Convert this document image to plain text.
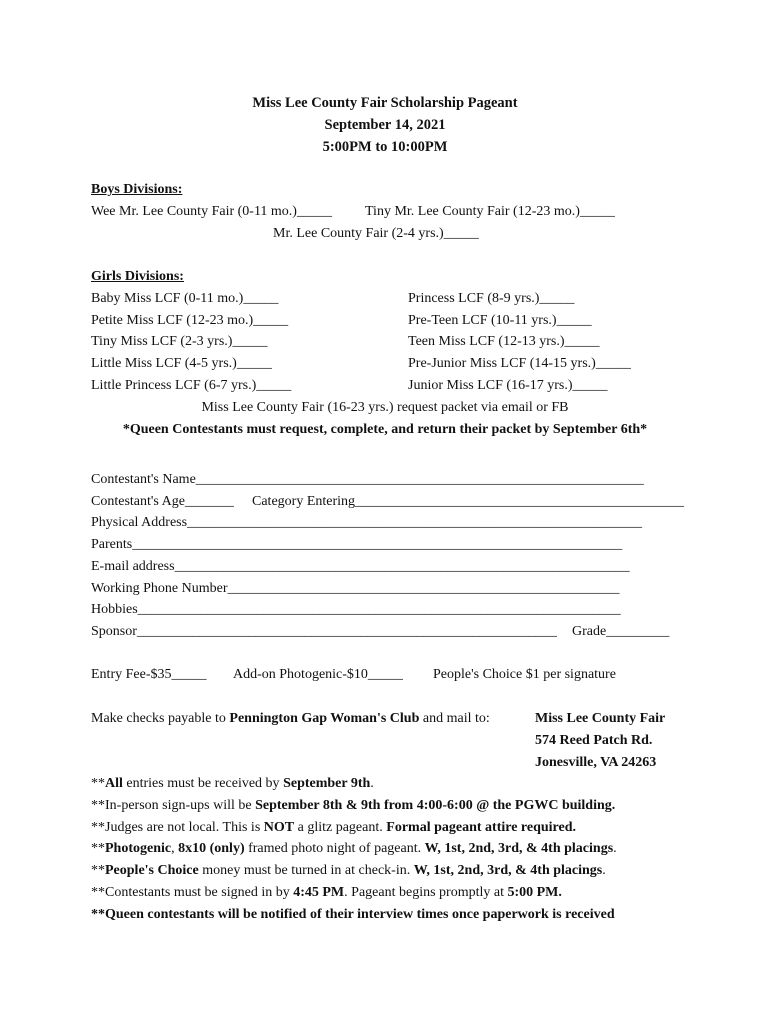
Miss Lee County Fair Scholarship Pageant
September 14, 2021
5:00PM to 10:00PM
Boys Divisions:
Wee Mr. Lee County Fair (0-11 mo.)_____ Tiny Mr. Lee County Fair (12-23 mo.)_____
Mr. Lee County Fair (2-4 yrs.)_____
Girls Divisions:
Baby Miss LCF (0-11 mo.)_____
Petite Miss LCF (12-23 mo.)_____
Tiny Miss LCF (2-3 yrs.)_____
Little Miss LCF (4-5 yrs.)_____
Little Princess LCF (6-7 yrs.)_____
Princess LCF (8-9 yrs.)_____
Pre-Teen LCF (10-11 yrs.)_____
Teen Miss LCF (12-13 yrs.)_____
Pre-Junior Miss LCF (14-15 yrs.)_____
Junior Miss LCF (16-17 yrs.)_____
Miss Lee County Fair (16-23 yrs.) request packet via email or FB
*Queen Contestants must request, complete, and return their packet by September 6th*
Contestant's Name________________________________________________________________
Contestant's Age_______ Category Entering_______________________________________________
Physical Address_________________________________________________________________
Parents______________________________________________________________________
E-mail address_________________________________________________________________
Working Phone Number________________________________________________________
Hobbies_____________________________________________________________________
Sponsor____________________________________________________________ Grade_________
Entry Fee-$35_____ Add-on Photogenic-$10_____ People's Choice $1 per signature
Make checks payable to Pennington Gap Woman's Club and mail to:	Miss Lee County Fair
574 Reed Patch Rd.
Jonesville, VA 24263
**All entries must be received by September 9th.
**In-person sign-ups will be September 8th & 9th from 4:00-6:00 @ the PGWC building.
**Judges are not local. This is NOT a glitz pageant. Formal pageant attire required.
**Photogenic, 8x10 (only) framed photo night of pageant. W, 1st, 2nd, 3rd, & 4th placings.
**People's Choice money must be turned in at check-in. W, 1st, 2nd, 3rd, & 4th placings.
**Contestants must be signed in by 4:45 PM. Pageant begins promptly at 5:00 PM.
**Queen contestants will be notified of their interview times once paperwork is received
